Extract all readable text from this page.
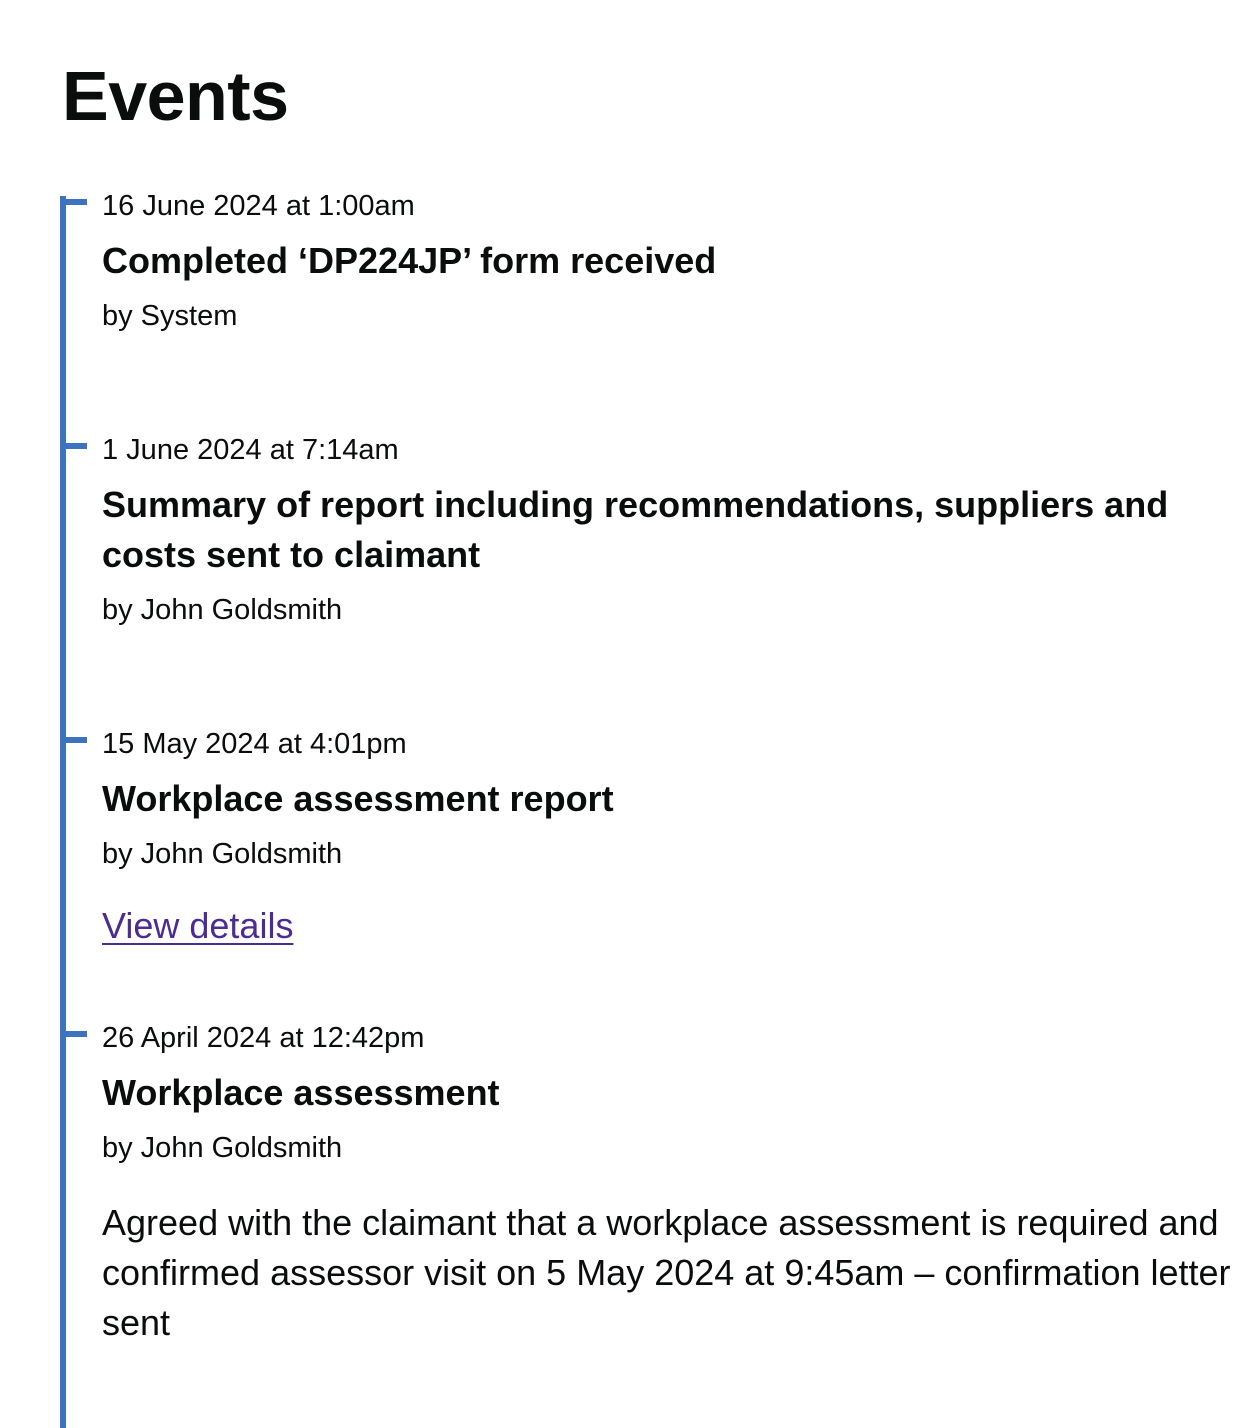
Events
16 June 2024 at 1:00am
Completed ‘DP224JP’ form received
by System
1 June 2024 at 7:14am
Summary of report including recommendations, suppliers and costs sent to claimant
by John Goldsmith
15 May 2024 at 4:01pm
Workplace assessment report
by John Goldsmith
View details
26 April 2024 at 12:42pm
Workplace assessment
by John Goldsmith

Agreed with the claimant that a workplace assessment is required and confirmed assessor visit on 5 May 2024 at 9:45am – confirmation letter sent
